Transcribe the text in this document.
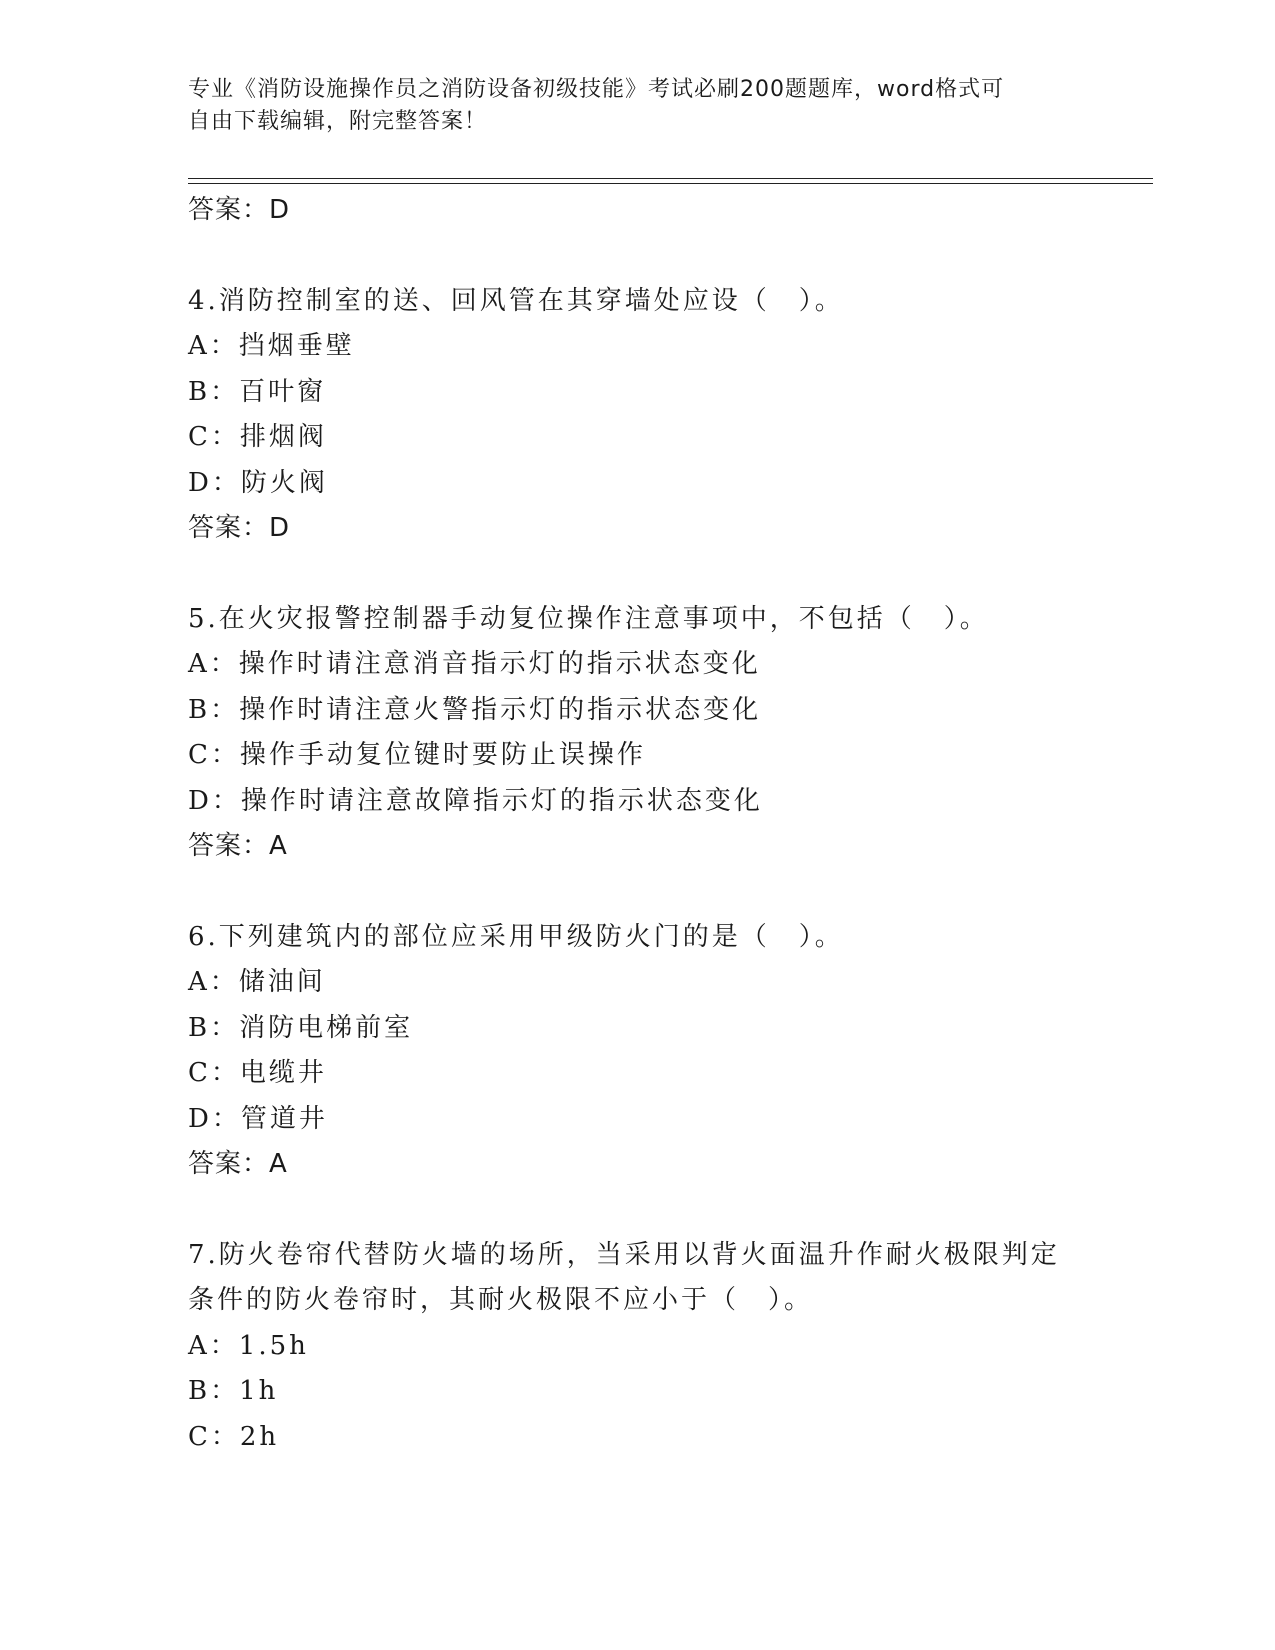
专业《消防设施操作员之消防设备初级技能》考试必刷200题题库，word格式可
自由下载编辑，附完整答案！
答案：D
4.消防控制室的送、回风管在其穿墙处应设（　）。
A：挡烟垂壁
B：百叶窗
C：排烟阀
D：防火阀
答案：D
5.在火灾报警控制器手动复位操作注意事项中，不包括（　）。
A：操作时请注意消音指示灯的指示状态变化
B：操作时请注意火警指示灯的指示状态变化
C：操作手动复位键时要防止误操作
D：操作时请注意故障指示灯的指示状态变化
答案：A
6.下列建筑内的部位应采用甲级防火门的是（　）。
A：储油间
B：消防电梯前室
C：电缆井
D：管道井
答案：A
7.防火卷帘代替防火墙的场所，当采用以背火面温升作耐火极限判定
条件的防火卷帘时，其耐火极限不应小于（　）。
A：1.5h
B：1h
C：2h
